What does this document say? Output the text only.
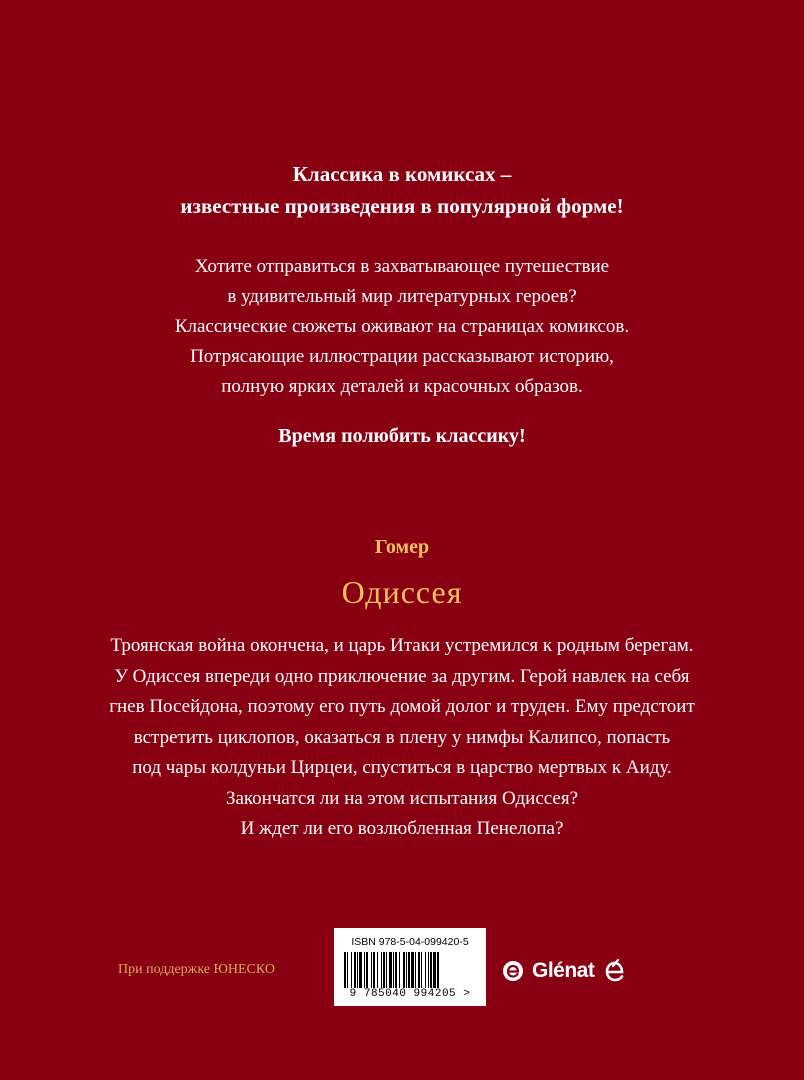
Классика в комиксах –
известные произведения в популярной форме!
Хотите отправиться в захватывающее путешествие
в удивительный мир литературных героев?
Классические сюжеты оживают на страницах комиксов.
Потрясающие иллюстрации рассказывают историю,
полную ярких деталей и красочных образов.
Время полюбить классику!
Гомер
Одиссея
Троянская война окончена, и царь Итаки устремился к родным берегам.
У Одиссея впереди одно приключение за другим. Герой навлек на себя
гнев Посейдона, поэтому его путь домой долог и труден. Ему предстоит
встретить циклопов, оказаться в плену у нимфы Калипсо, попасть
под чары колдуньи Цирцеи, спуститься в царство мертвых к Аиду.
Закончатся ли на этом испытания Одиссея?
И ждет ли его возлюбленная Пенелопа?
При поддержке ЮНЕСКО
ISBN 978-5-04-099420-5
9 785040 994205 >
Glénat
